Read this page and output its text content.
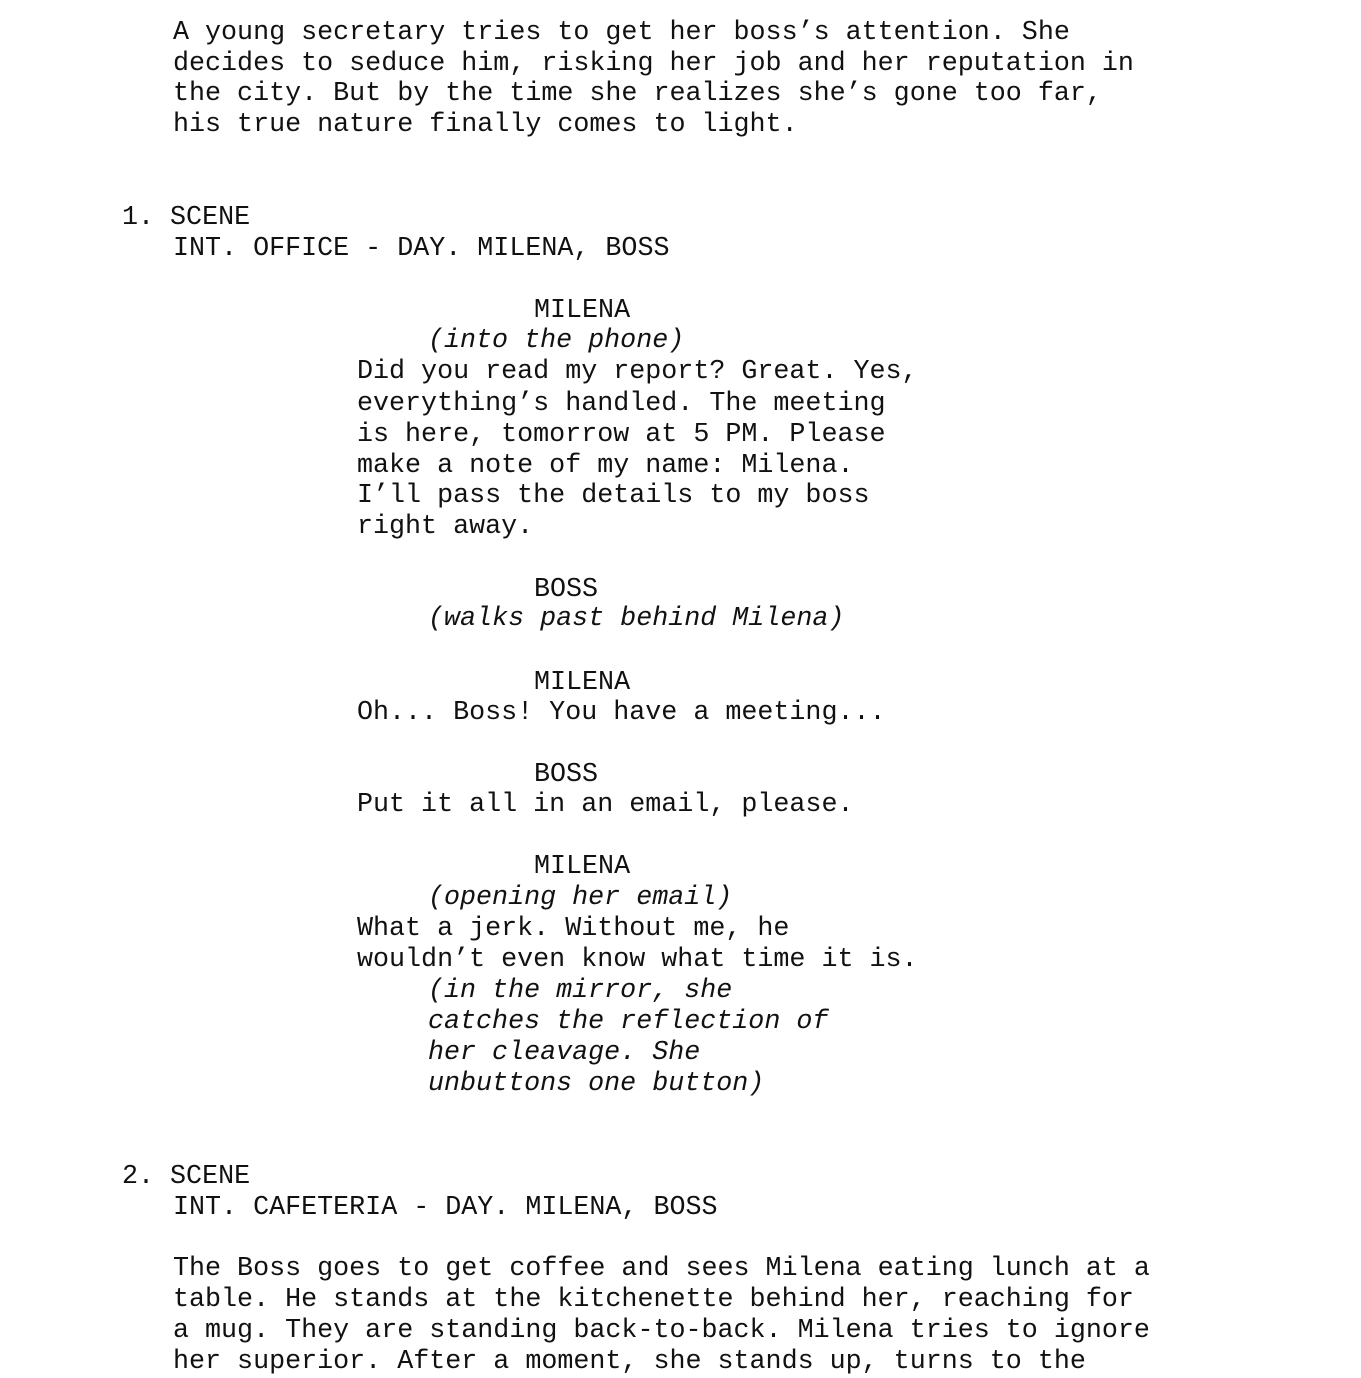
A young secretary tries to get her boss’s attention. She
decides to seduce him, risking her job and her reputation in
the city. But by the time she realizes she’s gone too far,
his true nature finally comes to light.
1. SCENE
INT. OFFICE - DAY. MILENA, BOSS
MILENA
(into the phone)
Did you read my report? Great. Yes,
everything’s handled. The meeting
is here, tomorrow at 5 PM. Please
make a note of my name: Milena.
I’ll pass the details to my boss
right away.
BOSS
(walks past behind Milena)
MILENA
Oh... Boss! You have a meeting...
BOSS
Put it all in an email, please.
MILENA
(opening her email)
What a jerk. Without me, he
wouldn’t even know what time it is.
(in the mirror, she
catches the reflection of
her cleavage. She
unbuttons one button)
2. SCENE
INT. CAFETERIA - DAY. MILENA, BOSS
The Boss goes to get coffee and sees Milena eating lunch at a
table. He stands at the kitchenette behind her, reaching for
a mug. They are standing back-to-back. Milena tries to ignore
her superior. After a moment, she stands up, turns to the
